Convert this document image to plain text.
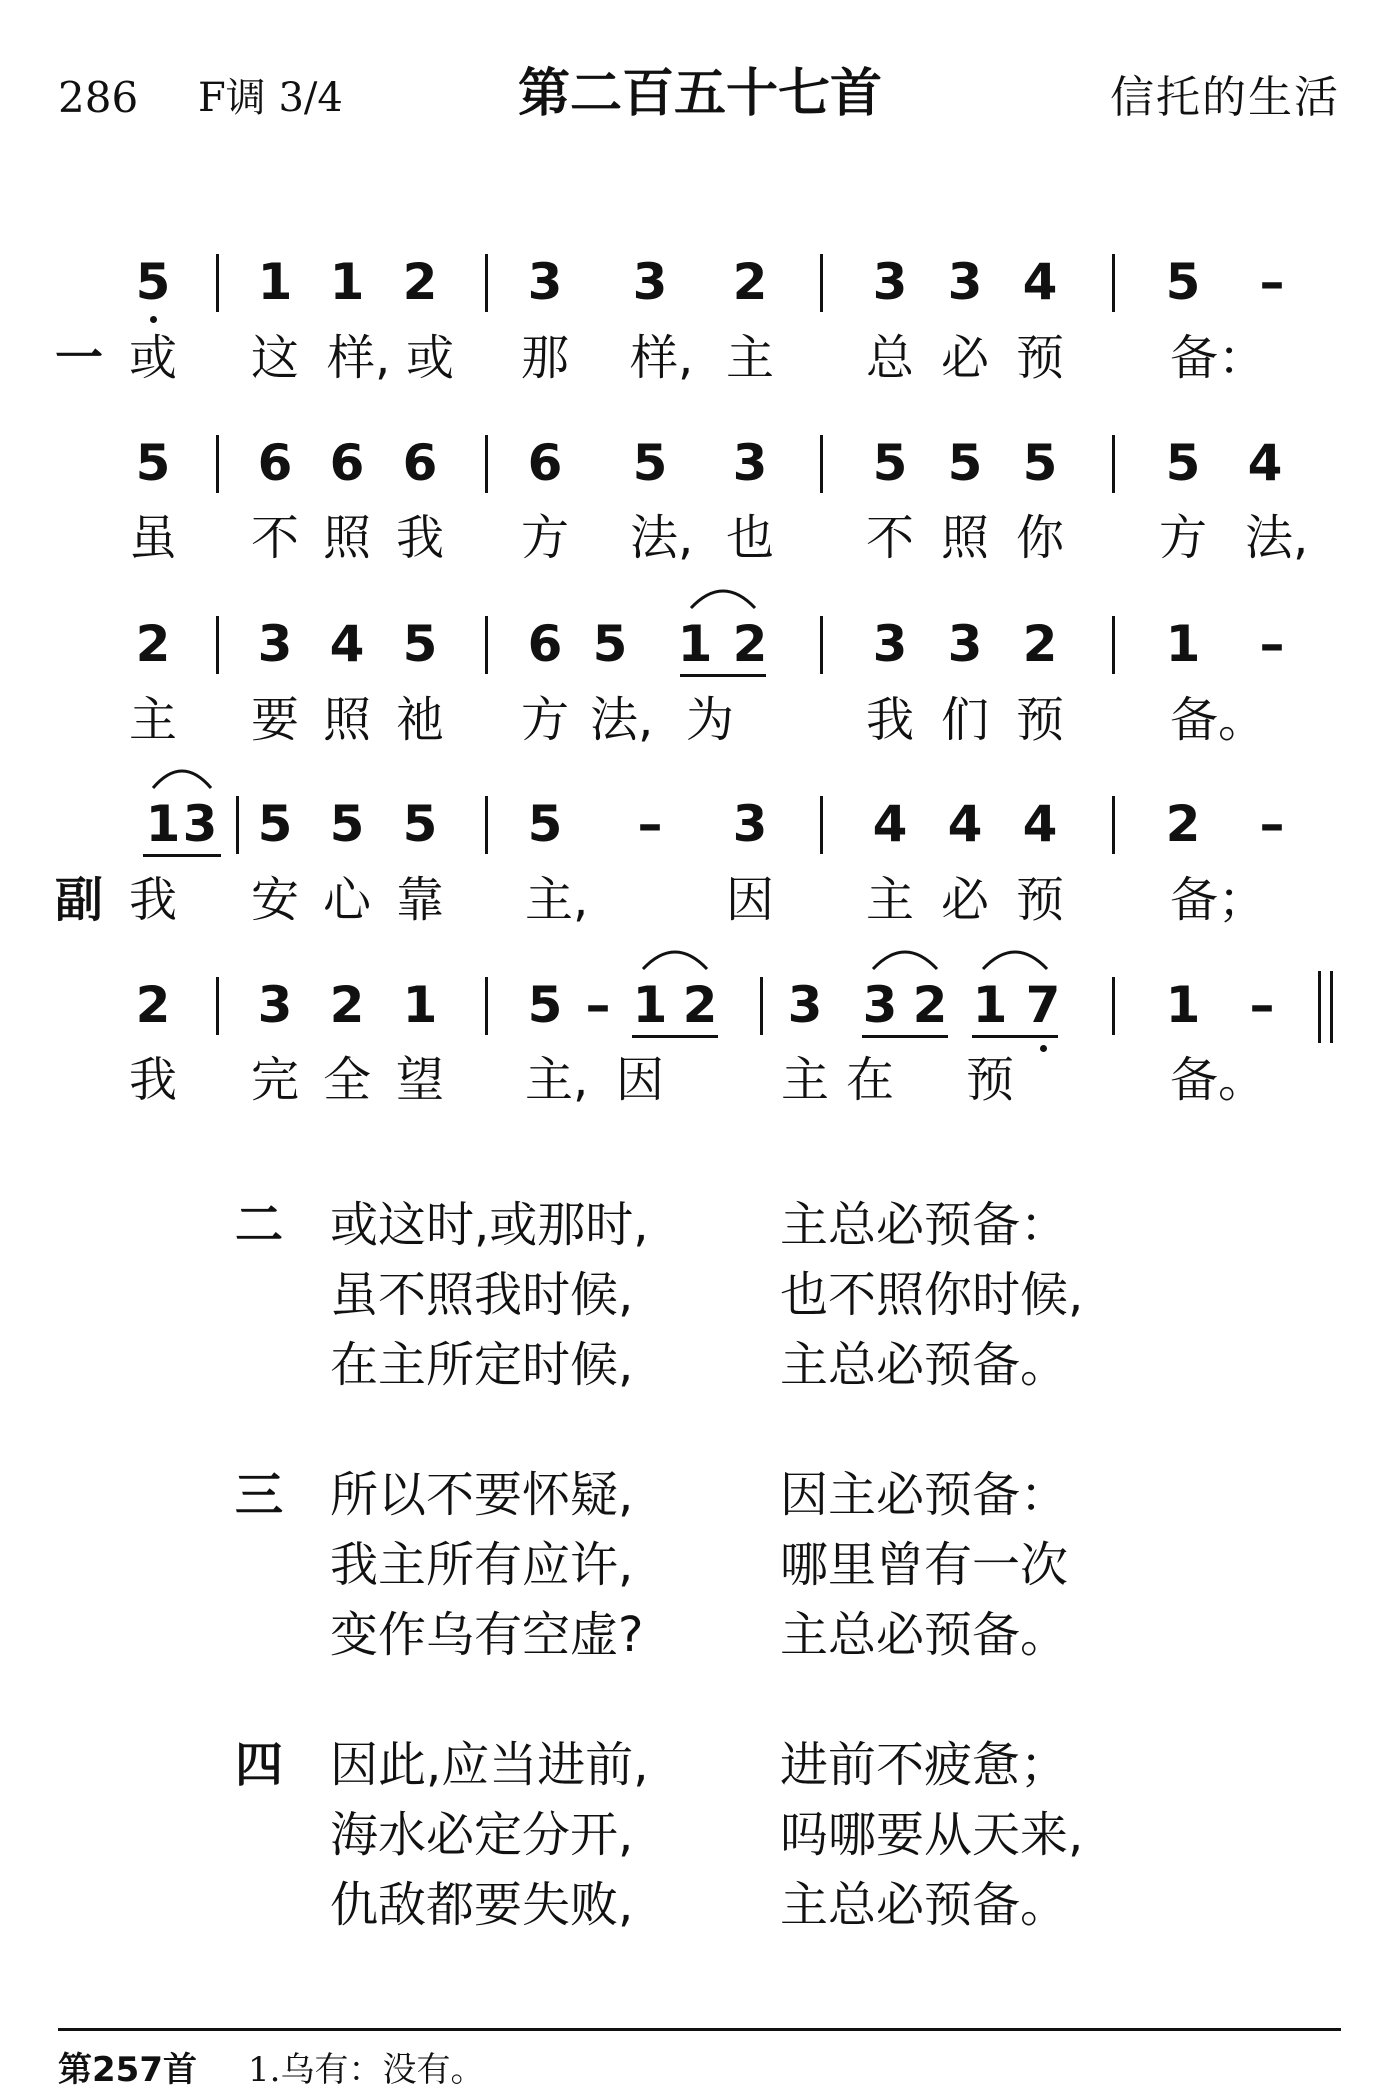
286 F调 3/4	第二百五十七首	信托的生活
5 1 1 2 3 3 2 3 3 4 5 –
一 或 这 样, 或 那 样, 主 总 必 预 备：
5 6 6 6 6 5 3 5 5 5 5 4
虽 不 照 我 方 法, 也 不 照 你 方 法,
2 3 4 5 6 5 1 2 3 3 2 1 –
主 要 照 祂 方 法, 为	我 们 预 备。
1 3 5 5 5 5 – 3 4 4 4 2 –
副 我 安 心 靠 主,	因 主 必 预 备；
2 3 2 1 5 – 1 2 3 3 2 1 7 1 –
我 完 全 望 主, 因 主 在 预	备。
二 或这时,或那时,	主总必预备：
虽不照我时候,	也不照你时候,
在主所定时候,	主总必预备。
三 所以不要怀疑,	因主必预备：
我主所有应许,	哪里曾有一次
变作乌有空虚?	主总必预备。
四 因此,应当进前,	进前不疲惫；
海水必定分开,	吗哪要从天来,
仇敌都要失败,	主总必预备。
第257首 1.乌有：没有。
